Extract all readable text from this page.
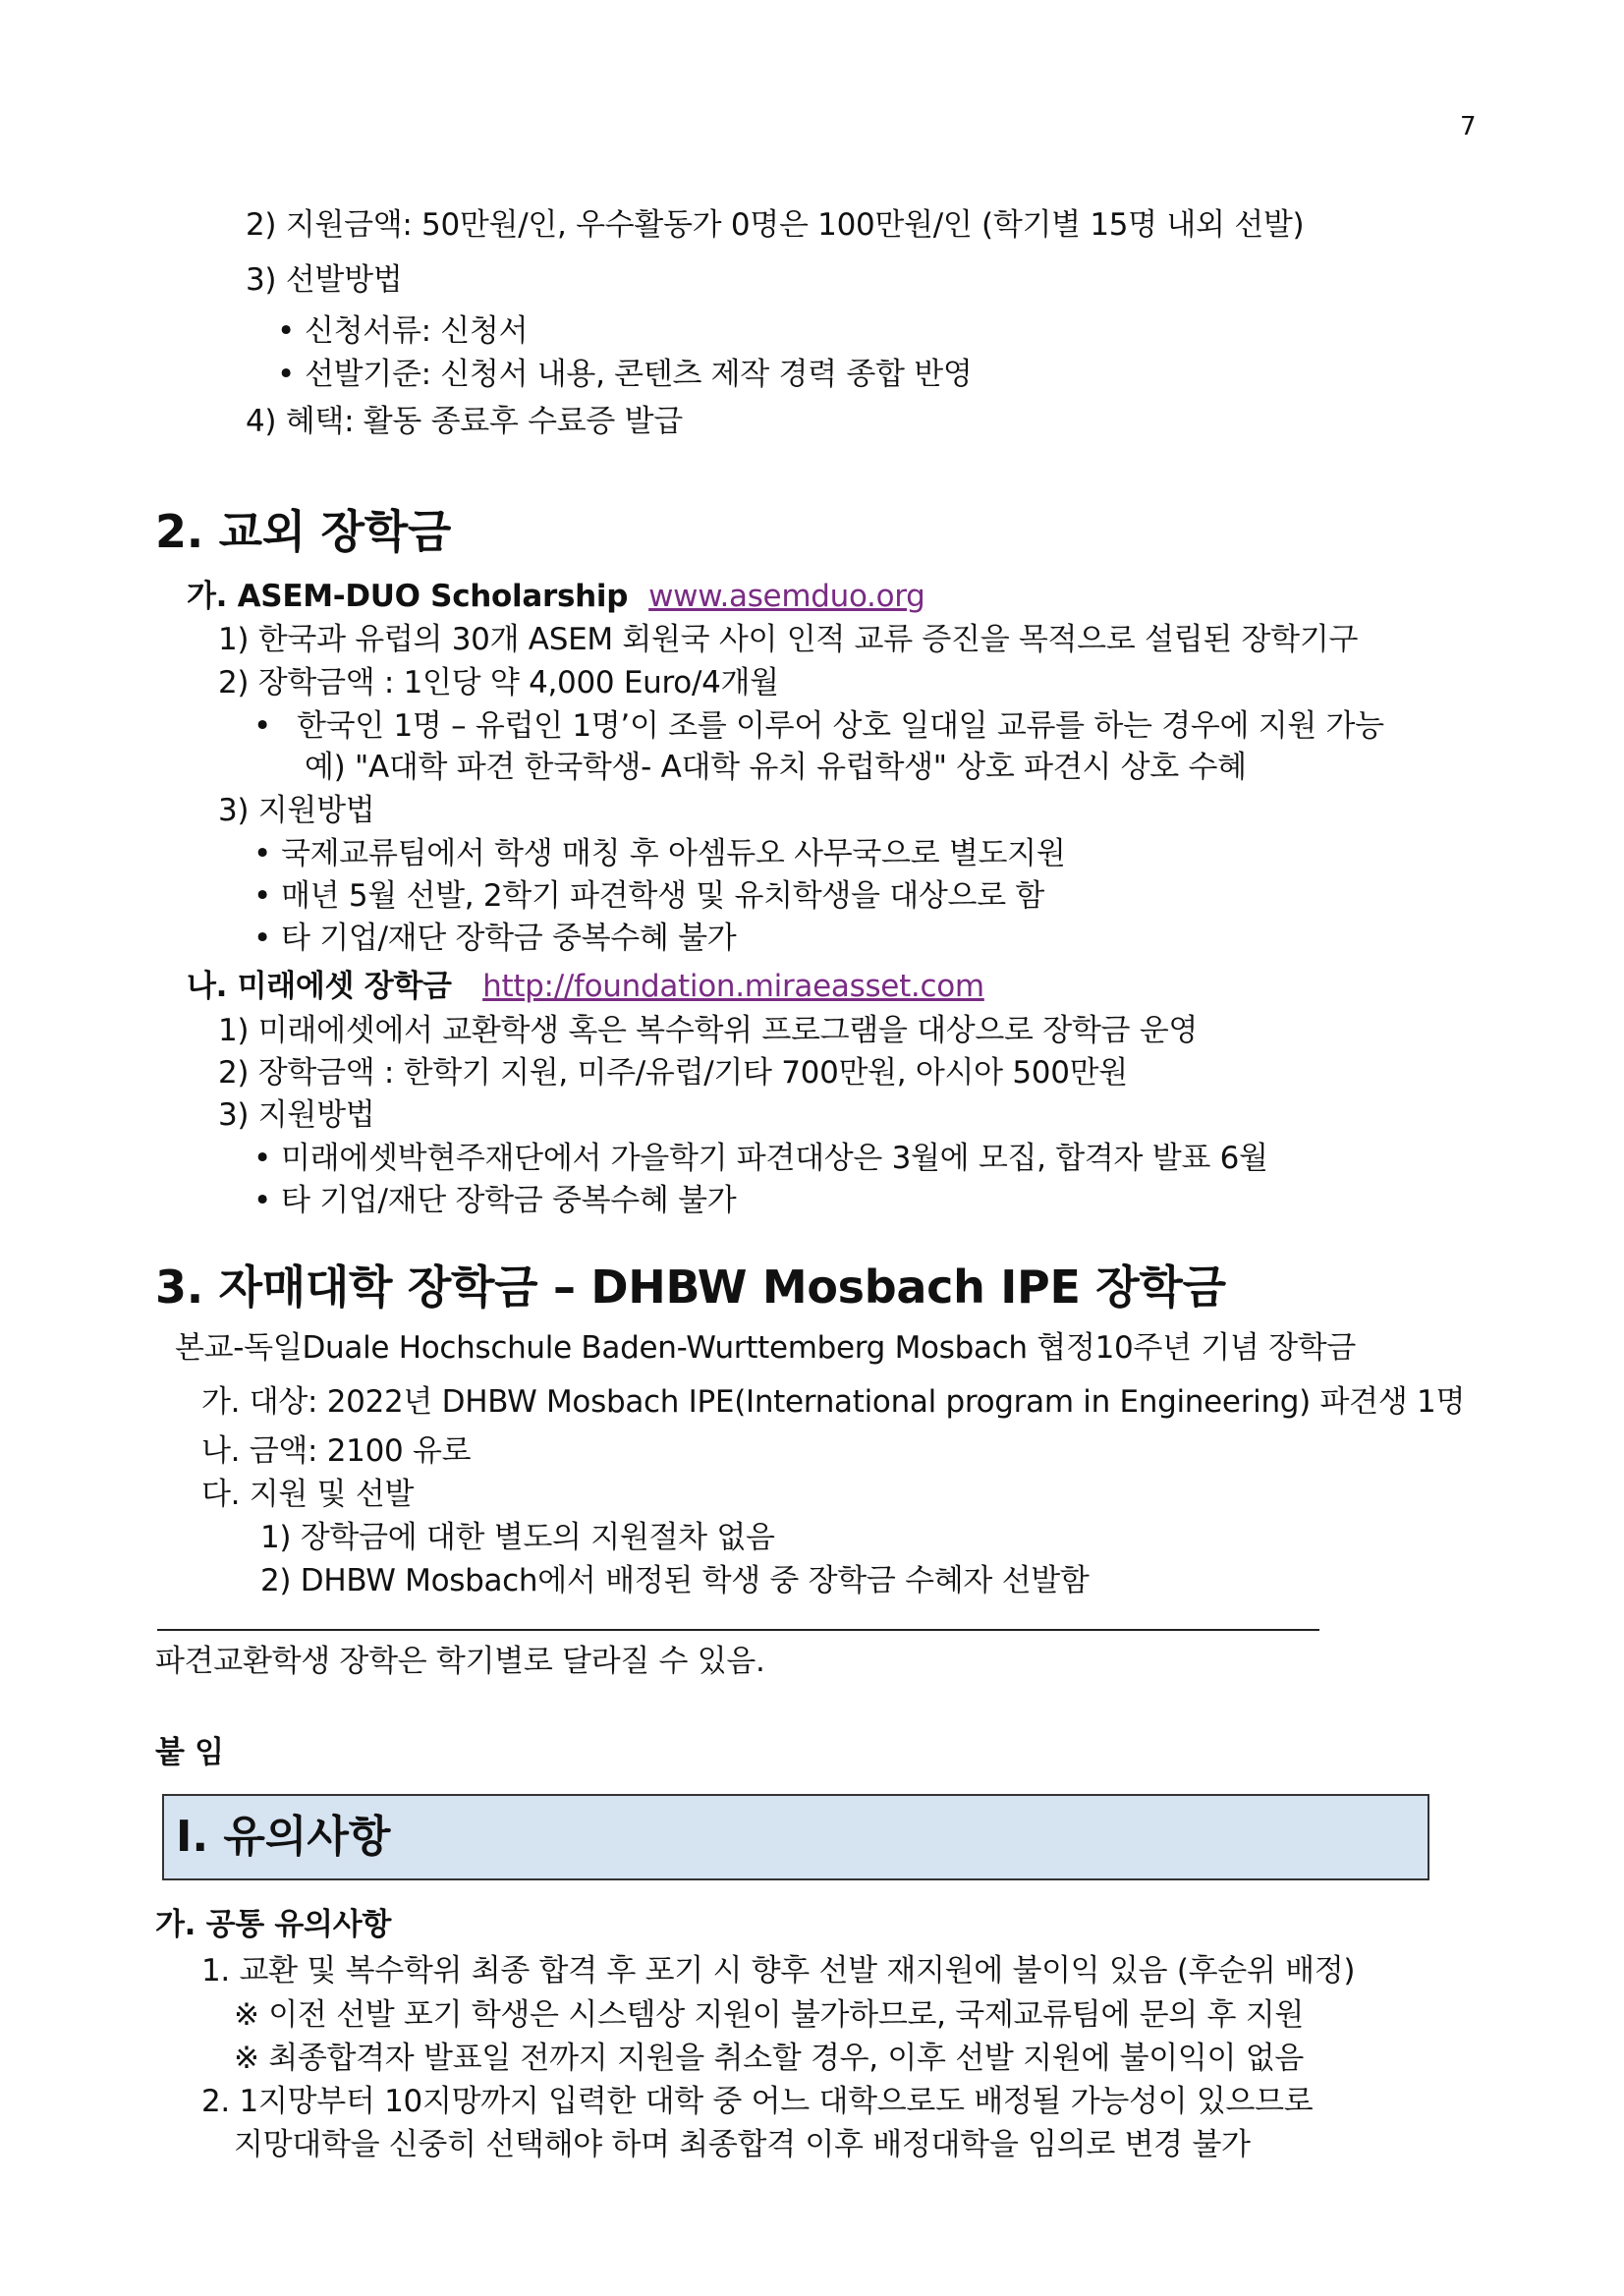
7
2) 지원금액: 50만원/인, 우수활동가 0명은 100만원/인 (학기별 15명 내외 선발)
3) 선발방법
• 신청서류: 신청서
• 선발기준: 신청서 내용, 콘텐츠 제작 경력 종합 반영
4) 혜택: 활동 종료후 수료증 발급
2. 교외 장학금
가. ASEM-DUO Scholarship www.asemduo.org
1) 한국과 유럽의 30개 ASEM 회원국 사이 인적 교류 증진을 목적으로 설립된 장학기구
2) 장학금액 : 1인당 약 4,000 Euro/4개월
• 한국인 1명 – 유럽인 1명’이 조를 이루어 상호 일대일 교류를 하는 경우에 지원 가능
예) "A대학 파견 한국학생- A대학 유치 유럽학생" 상호 파견시 상호 수혜
3) 지원방법
• 국제교류팀에서 학생 매칭 후 아셈듀오 사무국으로 별도지원
• 매년 5월 선발, 2학기 파견학생 및 유치학생을 대상으로 함
• 타 기업/재단 장학금 중복수혜 불가
나. 미래에셋 장학금 http://foundation.miraeasset.com
1) 미래에셋에서 교환학생 혹은 복수학위 프로그램을 대상으로 장학금 운영
2) 장학금액 : 한학기 지원, 미주/유럽/기타 700만원, 아시아 500만원
3) 지원방법
• 미래에셋박현주재단에서 가을학기 파견대상은 3월에 모집, 합격자 발표 6월
• 타 기업/재단 장학금 중복수혜 불가
3. 자매대학 장학금 – DHBW Mosbach IPE 장학금
본교-독일Duale Hochschule Baden-Wurttemberg Mosbach 협정10주년 기념 장학금
가. 대상: 2022년 DHBW Mosbach IPE(International program in Engineering) 파견생 1명
나. 금액: 2100 유로
다. 지원 및 선발
1) 장학금에 대한 별도의 지원절차 없음
2) DHBW Mosbach에서 배정된 학생 중 장학금 수혜자 선발함
파견교환학생 장학은 학기별로 달라질 수 있음.
붙 임
I. 유의사항
가. 공통 유의사항
1. 교환 및 복수학위 최종 합격 후 포기 시 향후 선발 재지원에 불이익 있음 (후순위 배정)
※ 이전 선발 포기 학생은 시스템상 지원이 불가하므로, 국제교류팀에 문의 후 지원
※ 최종합격자 발표일 전까지 지원을 취소할 경우, 이후 선발 지원에 불이익이 없음
2. 1지망부터 10지망까지 입력한 대학 중 어느 대학으로도 배정될 가능성이 있으므로
지망대학을 신중히 선택해야 하며 최종합격 이후 배정대학을 임의로 변경 불가
